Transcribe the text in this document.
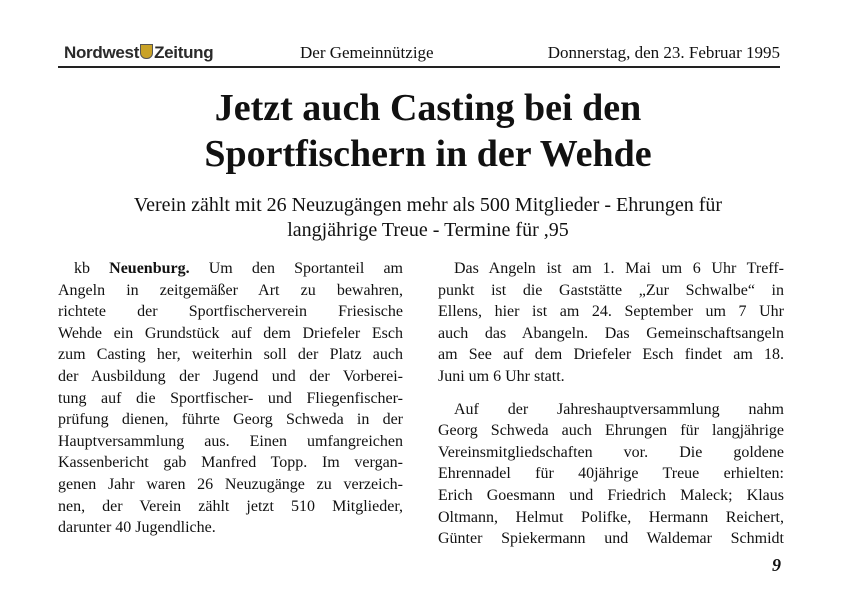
Nordwest Zeitung	Der Gemeinnützige	Donnerstag, den 23. Februar 1995
Jetzt auch Casting bei den
Sportfischern in der Wehde
Verein zählt mit 26 Neuzugängen mehr als 500 Mitglieder - Ehrungen für
langjährige Treue - Termine für ,95

 kb Neuenburg. Um den Sportanteil am
Angeln in zeitgemäßer Art zu bewahren,
richtete der Sportfischerverein Friesische
Wehde ein Grundstück auf dem Driefeler Esch
zum Casting her, weiterhin soll der Platz auch
der Ausbildung der Jugend und der Vorberei-
tung auf die Sportfischer- und Fliegenfischer-
prüfung dienen, führte Georg Schweda in der
Hauptversammlung aus. Einen umfangreichen
Kassenbericht gab Manfred Topp. Im vergan-
genen Jahr waren 26 Neuzugänge zu verzeich-
nen, der Verein zählt jetzt 510 Mitglieder,
darunter 40 Jugendliche.

 Das Angeln ist am 1. Mai um 6 Uhr Treff-
punkt ist die Gaststätte „Zur Schwalbe“ in
Ellens, hier ist am 24. September um 7 Uhr
auch das Abangeln. Das Gemeinschaftsangeln
am See auf dem Driefeler Esch findet am 18.
Juni um 6 Uhr statt.

 Auf der Jahreshauptversammlung nahm
Georg Schweda auch Ehrungen für langjährige
Vereinsmitgliedschaften vor. Die goldene
Ehrennadel für 40jährige Treue erhielten:
Erich Goesmann und Friedrich Maleck; Klaus
Oltmann, Helmut Polifke, Hermann Reichert,
Günter Spiekermann und Waldemar Schmidt

9
